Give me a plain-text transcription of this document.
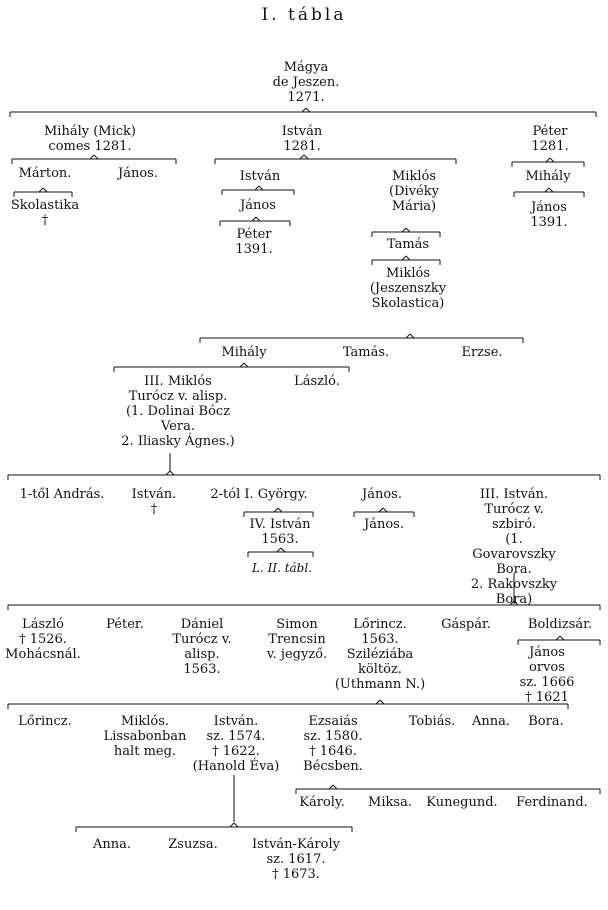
I. tábla
Mágya
de Jeszen.
1271.
Mihály (Mick)
comes 1281.
István
1281.
Péter
1281.
Márton.	János.
Skolastika
†
István	Miklós
(Divéky
Mária)
Mihály
János
Péter
1391.	Tamás
Miklós
(Jeszenszky
Skolastica)
János
1391.
Mihály	Tamás.	Erzse.
III. Miklós
Turócz v. alisp.
(1. Dolinai Bócz
Vera.
2. Iliasky Ágnes.)
László.
1-től András. István.
†
2-tól I. György.	János.	III. István.
Turócz v.
szbiró.
(1. Govarovszky Bora.
2. Rakovszky Bora)
IV. István
1563.
L. II. tábl.
János.
László
† 1526.
Mohácsnál.
Péter.	Dániel
Turócz v.
alisp.
1563.
Simon
Trencsin
v. jegyző.
Lőrincz.
1563.
Sziléziába
költöz.
(Uthmann N.)
Gáspár.	Boldizsár.
János
orvos
sz. 1666 † 1621
Lőrincz.	Miklós.
Lissabonban
halt meg.
István.
sz. 1574.
† 1622.
(Hanold Éva)
Ezsaiás
sz. 1580.
† 1646.
Bécsben.
Tobiás. Anna. Bora.
Károly. Miksa. Kunegund. Ferdinand.
Anna.	Zsuzsa.	István-Károly
sz. 1617.
† 1673.
